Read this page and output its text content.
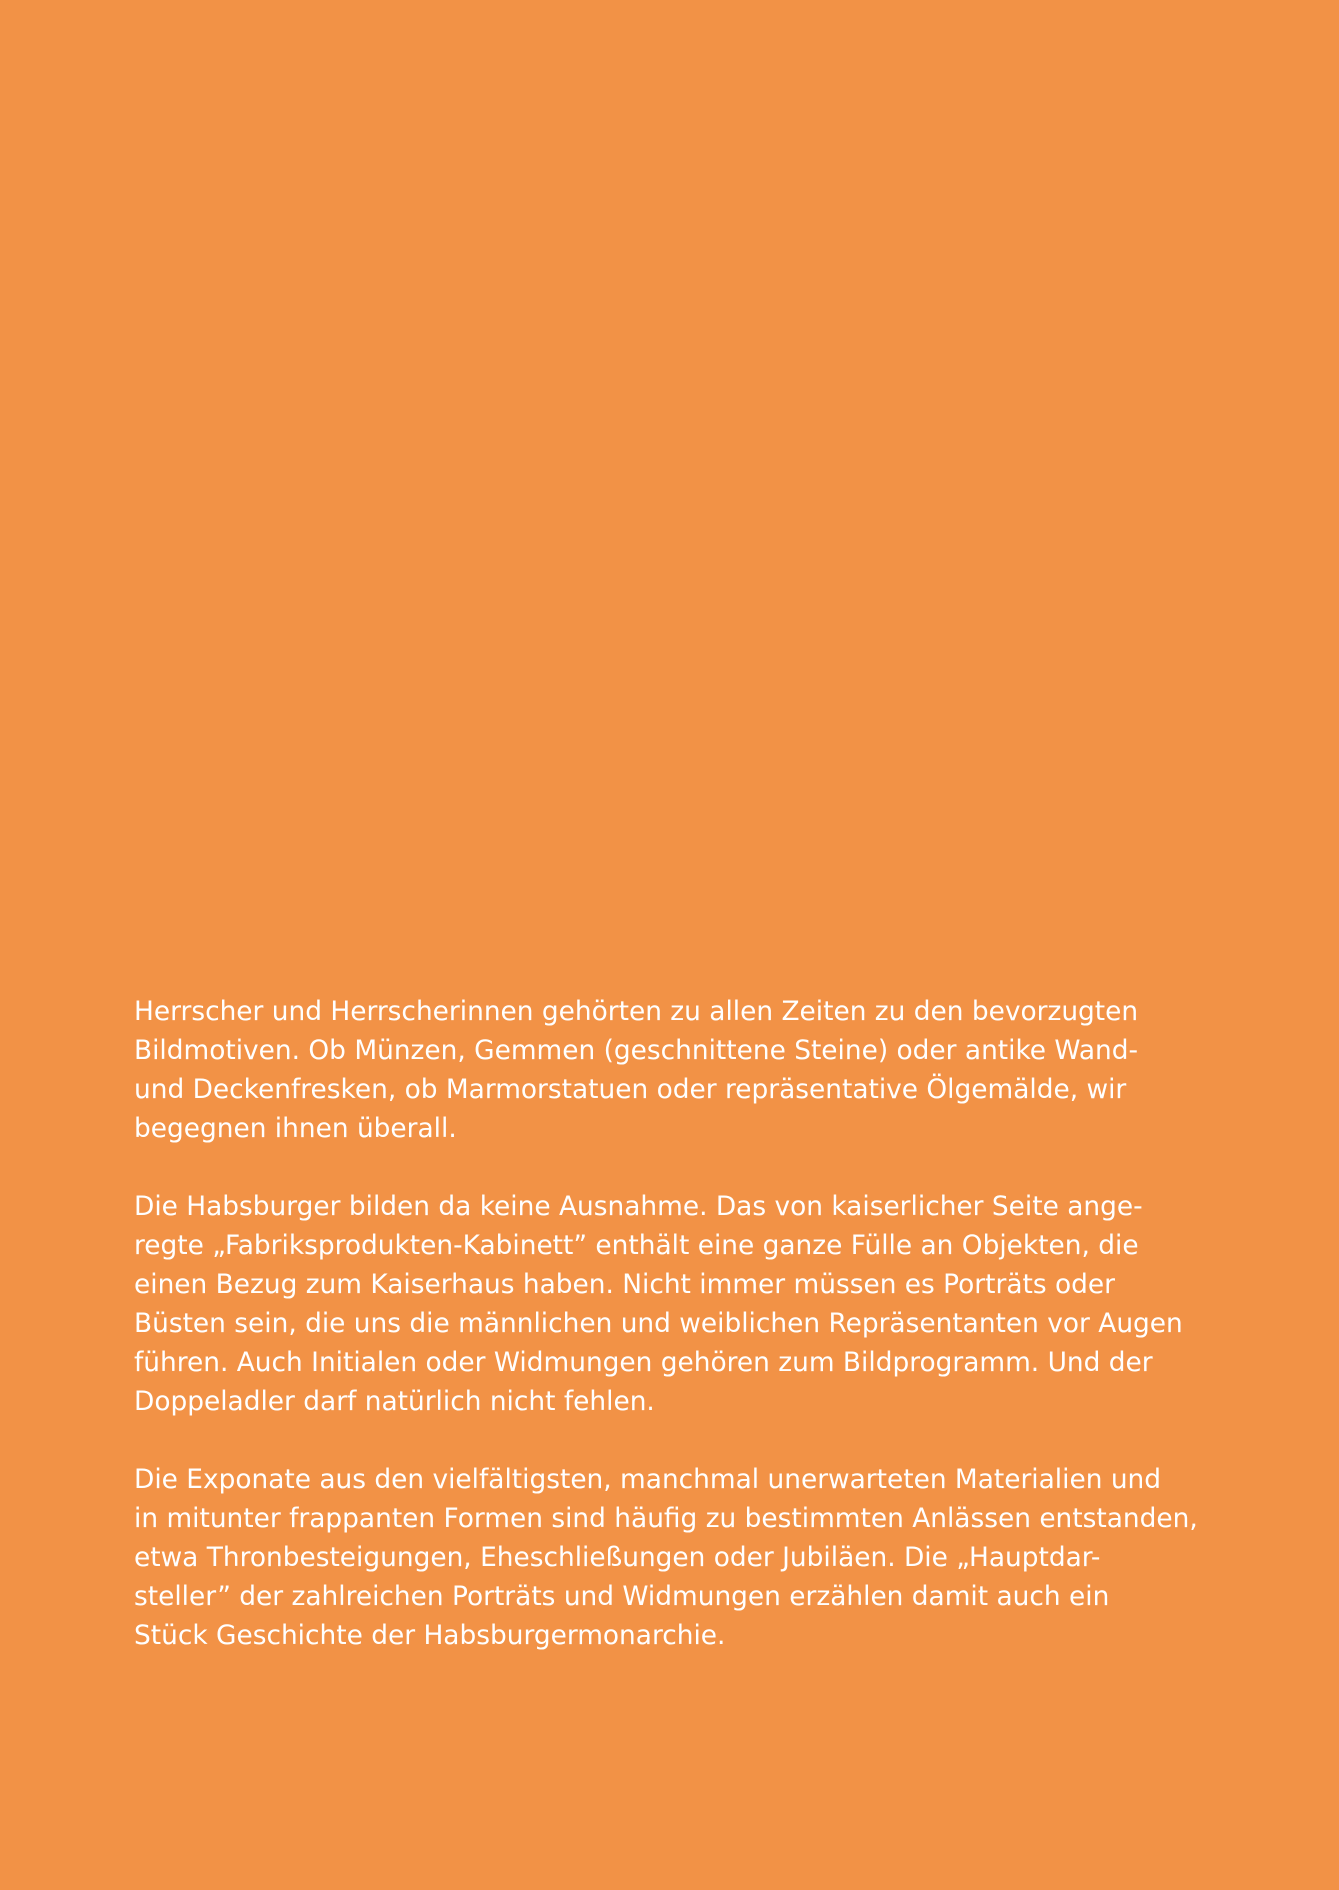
Herrscher und Herrscherinnen gehörten zu allen Zeiten zu den bevorzugten
Bildmotiven. Ob Münzen, Gemmen (geschnittene Steine) oder antike Wand-
und Deckenfresken, ob Marmorstatuen oder repräsentative Ölgemälde, wir
begegnen ihnen überall.

Die Habsburger bilden da keine Ausnahme. Das von kaiserlicher Seite ange-
regte „Fabriksprodukten-Kabinett” enthält eine ganze Fülle an Objekten, die
einen Bezug zum Kaiserhaus haben. Nicht immer müssen es Porträts oder
Büsten sein, die uns die männlichen und weiblichen Repräsentanten vor Augen
führen. Auch Initialen oder Widmungen gehören zum Bildprogramm. Und der
Doppeladler darf natürlich nicht fehlen.

Die Exponate aus den vielfältigsten, manchmal unerwarteten Materialien und
in mitunter frappanten Formen sind häufig zu bestimmten Anlässen entstanden,
etwa Thronbesteigungen, Eheschließungen oder Jubiläen. Die „Hauptdar-
steller” der zahlreichen Porträts und Widmungen erzählen damit auch ein
Stück Geschichte der Habsburgermonarchie.
